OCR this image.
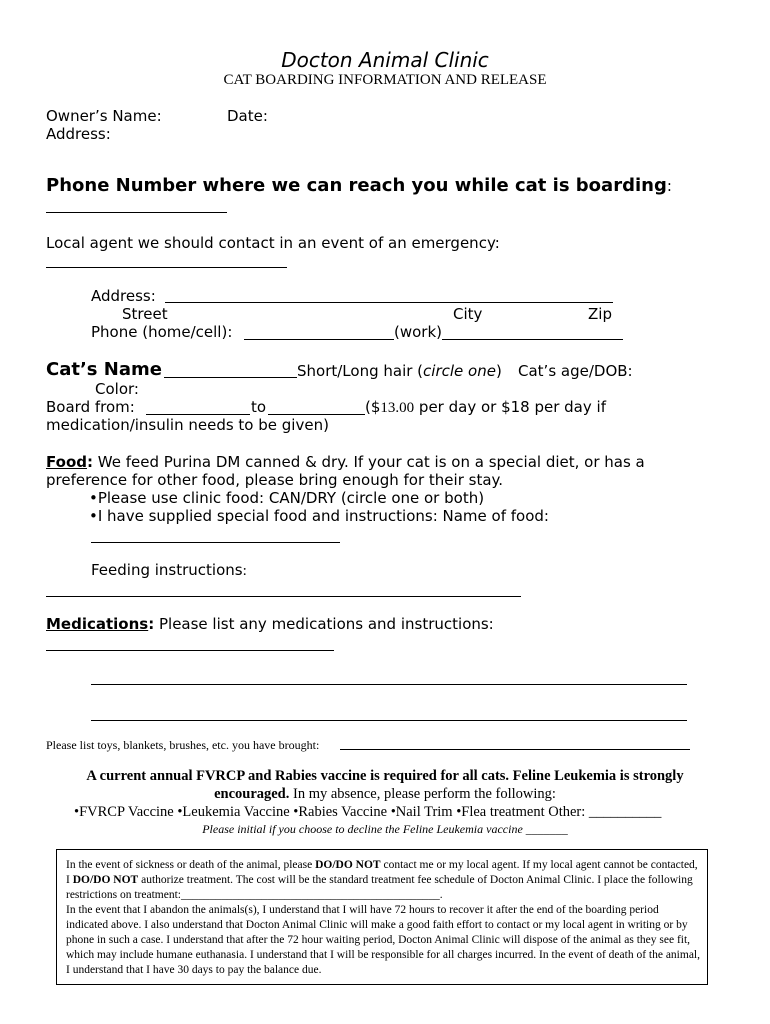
Docton Animal Clinic
CAT BOARDING INFORMATION AND RELEASE
Owner’s Name:	Date:
Address:
Phone Number where we can reach you while cat is boarding:
Local agent we should contact in an event of an emergency:
Address:
Street	City	Zip
Phone (home/cell):	(work)
Cat’s Name	Short/Long hair (circle one) Cat’s age/DOB:
Color:
Board from:	to	($13.00 per day or $18 per day if
medication/insulin needs to be given)
Food: We feed Purina DM canned & dry. If your cat is on a special diet, or has a
preference for other food, please bring enough for their stay.
•Please use clinic food: CAN/DRY (circle one or both)
•I have supplied special food and instructions: Name of food:
Feeding instructions:
Medications: Please list any medications and instructions:
Please list toys, blankets, brushes, etc. you have brought:
A current annual FVRCP and Rabies vaccine is required for all cats. Feline Leukemia is strongly
encouraged. In my absence, please perform the following:
•FVRCP Vaccine •Leukemia Vaccine •Rabies Vaccine •Nail Trim •Flea treatment Other: __________
Please initial if you choose to decline the Feline Leukemia vaccine _______
In the event of sickness or death of the animal, please DO/DO NOT contact me or my local agent. If my local agent cannot be contacted, I DO/DO NOT authorize treatment. The cost will be the standard treatment fee schedule of Docton Animal Clinic. I place the following restrictions on treatment:_____________________________________________.
In the event that I abandon the animals(s), I understand that I will have 72 hours to recover it after the end of the boarding period indicated above. I also understand that Docton Animal Clinic will make a good faith effort to contact or my local agent in writing or by phone in such a case. I understand that after the 72 hour waiting period, Docton Animal Clinic will dispose of the animal as they see fit, which may include humane euthanasia. I understand that I will be responsible for all charges incurred. In the event of death of the animal, I understand that I have 30 days to pay the balance due.
